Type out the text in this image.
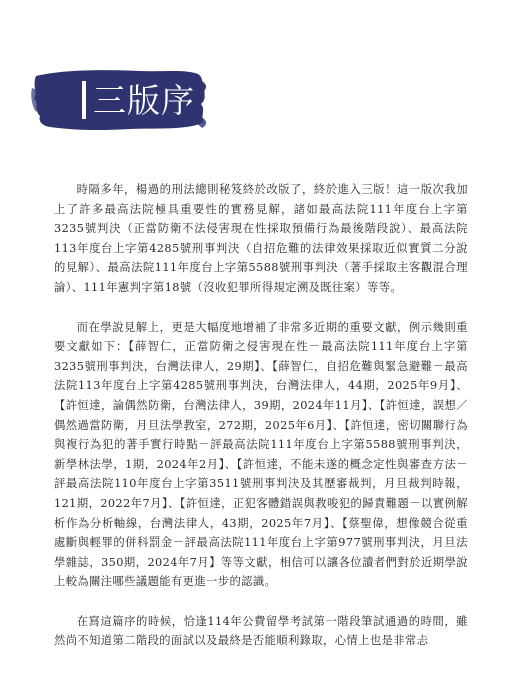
三版序

時隔多年，楊過的刑法總則秘笈終於改版了，終於進入三版！這一版次我加上了許多最高法院極具重要性的實務見解，諸如最高法院111年度台上字第3235號判決（正當防衛不法侵害現在性採取預備行為最後階段說）、最高法院113年度台上字第4285號刑事判決（自招危難的法律效果採取近似實質二分說的見解）、最高法院111年度台上字第5588號刑事判決（著手採取主客觀混合理論）、111年憲判字第18號（沒收犯罪所得規定溯及既往案）等等。

而在學說見解上，更是大幅度地增補了非常多近期的重要文獻，例示幾則重要文獻如下：【薛智仁，正當防衛之侵害現在性－最高法院111年度台上字第3235號刑事判決，台灣法律人，29期】、【薛智仁，自招危難與緊急避難－最高法院113年度台上字第4285號刑事判決，台灣法律人，44期，2025年9月】、【許恒達，論偶然防衛，台灣法律人，39期，2024年11月】、【許恒達，誤想／偶然過當防衛，月旦法學教室，272期，2025年6月】、【許恒達，密切關聯行為與複行為犯的著手實行時點－評最高法院111年度台上字第5588號刑事判決，新學林法學，1期，2024年2月】、【許恒達，不能未遂的概念定性與審查方法－評最高法院110年度台上字第3511號刑事判決及其歷審裁判，月旦裁判時報，121期，2022年7月】、【許恒達，正犯客體錯誤與教唆犯的歸責難題－以實例解析作為分析軸線，台灣法律人，43期，2025年7月】、【蔡聖偉，想像競合從重處斷與輕罪的併科罰金－評最高法院111年度台上字第977號刑事判決，月旦法學雜誌，350期，2024年7月】等等文獻，相信可以讓各位讀者們對於近期學說上較為關注哪些議題能有更進一步的認識。

在寫這篇序的時候，恰逢114年公費留學考試第一階段筆試通過的時間，雖然尚不知道第二階段的面試以及最終是否能順利錄取，心情上也是非常忐
